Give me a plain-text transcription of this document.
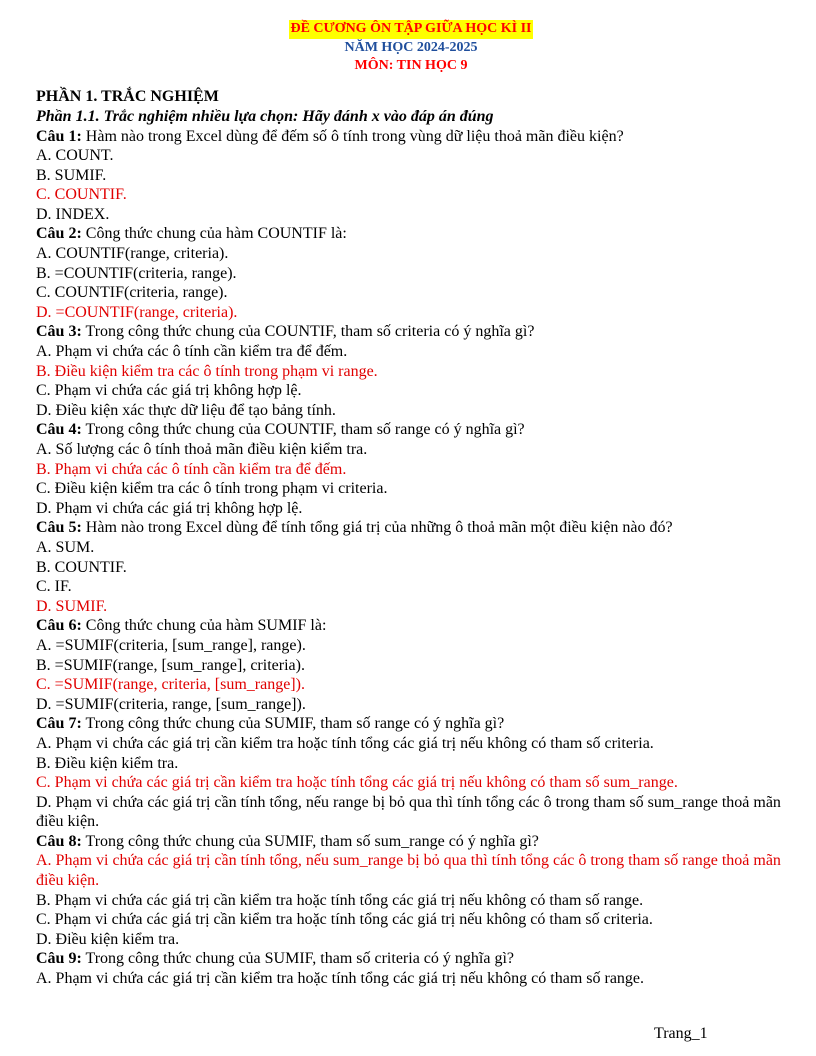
ĐỀ CƯƠNG ÔN TẬP GIỮA HỌC KÌ II
NĂM HỌC 2024-2025
MÔN: TIN HỌC 9
PHẦN 1. TRẮC NGHIỆM
Phần 1.1. Trắc nghiệm nhiều lựa chọn: Hãy đánh x vào đáp án đúng
Câu 1: Hàm nào trong Excel dùng để đếm số ô tính trong vùng dữ liệu thoả mãn điều kiện?
A. COUNT.
B. SUMIF.
C. COUNTIF.
D. INDEX.
Câu 2: Công thức chung của hàm COUNTIF là:
A. COUNTIF(range, criteria).
B. =COUNTIF(criteria, range).
C. COUNTIF(criteria, range).
D. =COUNTIF(range, criteria).
Câu 3: Trong công thức chung của COUNTIF, tham số criteria có ý nghĩa gì?
A. Phạm vi chứa các ô tính cần kiểm tra để đếm.
B. Điều kiện kiểm tra các ô tính trong phạm vi range.
C. Phạm vi chứa các giá trị không hợp lệ.
D. Điều kiện xác thực dữ liệu để tạo bảng tính.
Câu 4: Trong công thức chung của COUNTIF, tham số range có ý nghĩa gì?
A. Số lượng các ô tính thoả mãn điều kiện kiểm tra.
B. Phạm vi chứa các ô tính cần kiểm tra để đếm.
C. Điều kiện kiểm tra các ô tính trong phạm vi criteria.
D. Phạm vi chứa các giá trị không hợp lệ.
Câu 5: Hàm nào trong Excel dùng để tính tổng giá trị của những ô thoả mãn một điều kiện nào đó?
A. SUM.
B. COUNTIF.
C. IF.
D. SUMIF.
Câu 6: Công thức chung của hàm SUMIF là:
A. =SUMIF(criteria, [sum_range], range).
B. =SUMIF(range, [sum_range], criteria).
C. =SUMIF(range, criteria, [sum_range]).
D. =SUMIF(criteria, range, [sum_range]).
Câu 7: Trong công thức chung của SUMIF, tham số range có ý nghĩa gì?
A. Phạm vi chứa các giá trị cần kiểm tra hoặc tính tổng các giá trị nếu không có tham số criteria.
B. Điều kiện kiểm tra.
C. Phạm vi chứa các giá trị cần kiểm tra hoặc tính tổng các giá trị nếu không có tham số sum_range.
D. Phạm vi chứa các giá trị cần tính tổng, nếu range bị bỏ qua thì tính tổng các ô trong tham số sum_range thoả mãn điều kiện.
Câu 8: Trong công thức chung của SUMIF, tham số sum_range có ý nghĩa gì?
A. Phạm vi chứa các giá trị cần tính tổng, nếu sum_range bị bỏ qua thì tính tổng các ô trong tham số range thoả mãn điều kiện.
B. Phạm vi chứa các giá trị cần kiểm tra hoặc tính tổng các giá trị nếu không có tham số range.
C. Phạm vi chứa các giá trị cần kiểm tra hoặc tính tổng các giá trị nếu không có tham số criteria.
D. Điều kiện kiểm tra.
Câu 9: Trong công thức chung của SUMIF, tham số criteria có ý nghĩa gì?
A. Phạm vi chứa các giá trị cần kiểm tra hoặc tính tổng các giá trị nếu không có tham số range.
Trang_1
